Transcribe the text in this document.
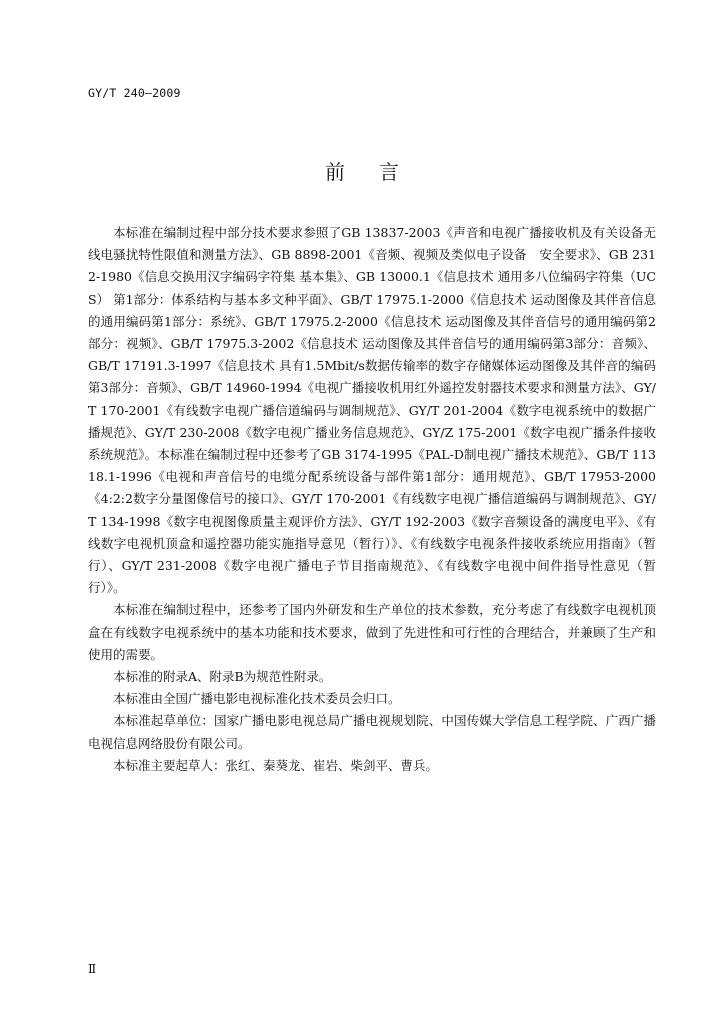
GY/T 240—2009

前言

本标准在编制过程中部分技术要求参照了GB 13837-2003《声音和电视广播接收机及有关设备无线电骚扰特性限值和测量方法》、GB 8898-2001《音频、视频及类似电子设备　安全要求》、GB 2312-1980《信息交换用汉字编码字符集 基本集》、GB 13000.1《信息技术 通用多八位编码字符集（UCS） 第1部分：体系结构与基本多文种平面》、GB/T 17975.1-2000《信息技术 运动图像及其伴音信息的通用编码第1部分：系统》、GB/T 17975.2-2000《信息技术 运动图像及其伴音信号的通用编码第2部分：视频》、GB/T 17975.3-2002《信息技术 运动图像及其伴音信号的通用编码第3部分：音频》、GB/T 17191.3-1997《信息技术 具有1.5Mbit/s数据传输率的数字存储媒体运动图像及其伴音的编码 第3部分：音频》、GB/T 14960-1994《电视广播接收机用红外遥控发射器技术要求和测量方法》、GY/T 170-2001《有线数字电视广播信道编码与调制规范》、GY/T 201-2004《数字电视系统中的数据广播规范》、GY/T 230-2008《数字电视广播业务信息规范》、GY/Z 175-2001《数字电视广播条件接收系统规范》。本标准在编制过程中还参考了GB 3174-1995《PAL-D制电视广播技术规范》、GB/T 11318.1-1996《电视和声音信号的电缆分配系统设备与部件第1部分：通用规范》、GB/T 17953-2000《4:2:2数字分量图像信号的接口》、GY/T 170-2001《有线数字电视广播信道编码与调制规范》、GY/T 134-1998《数字电视图像质量主观评价方法》、GY/T 192-2003《数字音频设备的满度电平》、《有线数字电视机顶盒和遥控器功能实施指导意见（暂行）》、《有线数字电视条件接收系统应用指南》（暂行）、GY/T 231-2008《数字电视广播电子节目指南规范》、《有线数字电视中间件指导性意见（暂行）》。

本标准在编制过程中，还参考了国内外研发和生产单位的技术参数，充分考虑了有线数字电视机顶盒在有线数字电视系统中的基本功能和技术要求，做到了先进性和可行性的合理结合，并兼顾了生产和使用的需要。

本标准的附录A、附录B为规范性附录。

本标准由全国广播电影电视标准化技术委员会归口。

本标准起草单位：国家广播电影电视总局广播电视规划院、中国传媒大学信息工程学院、广西广播电视信息网络股份有限公司。

本标准主要起草人：张红、秦葵龙、崔岩、柴剑平、曹兵。

Ⅱ
